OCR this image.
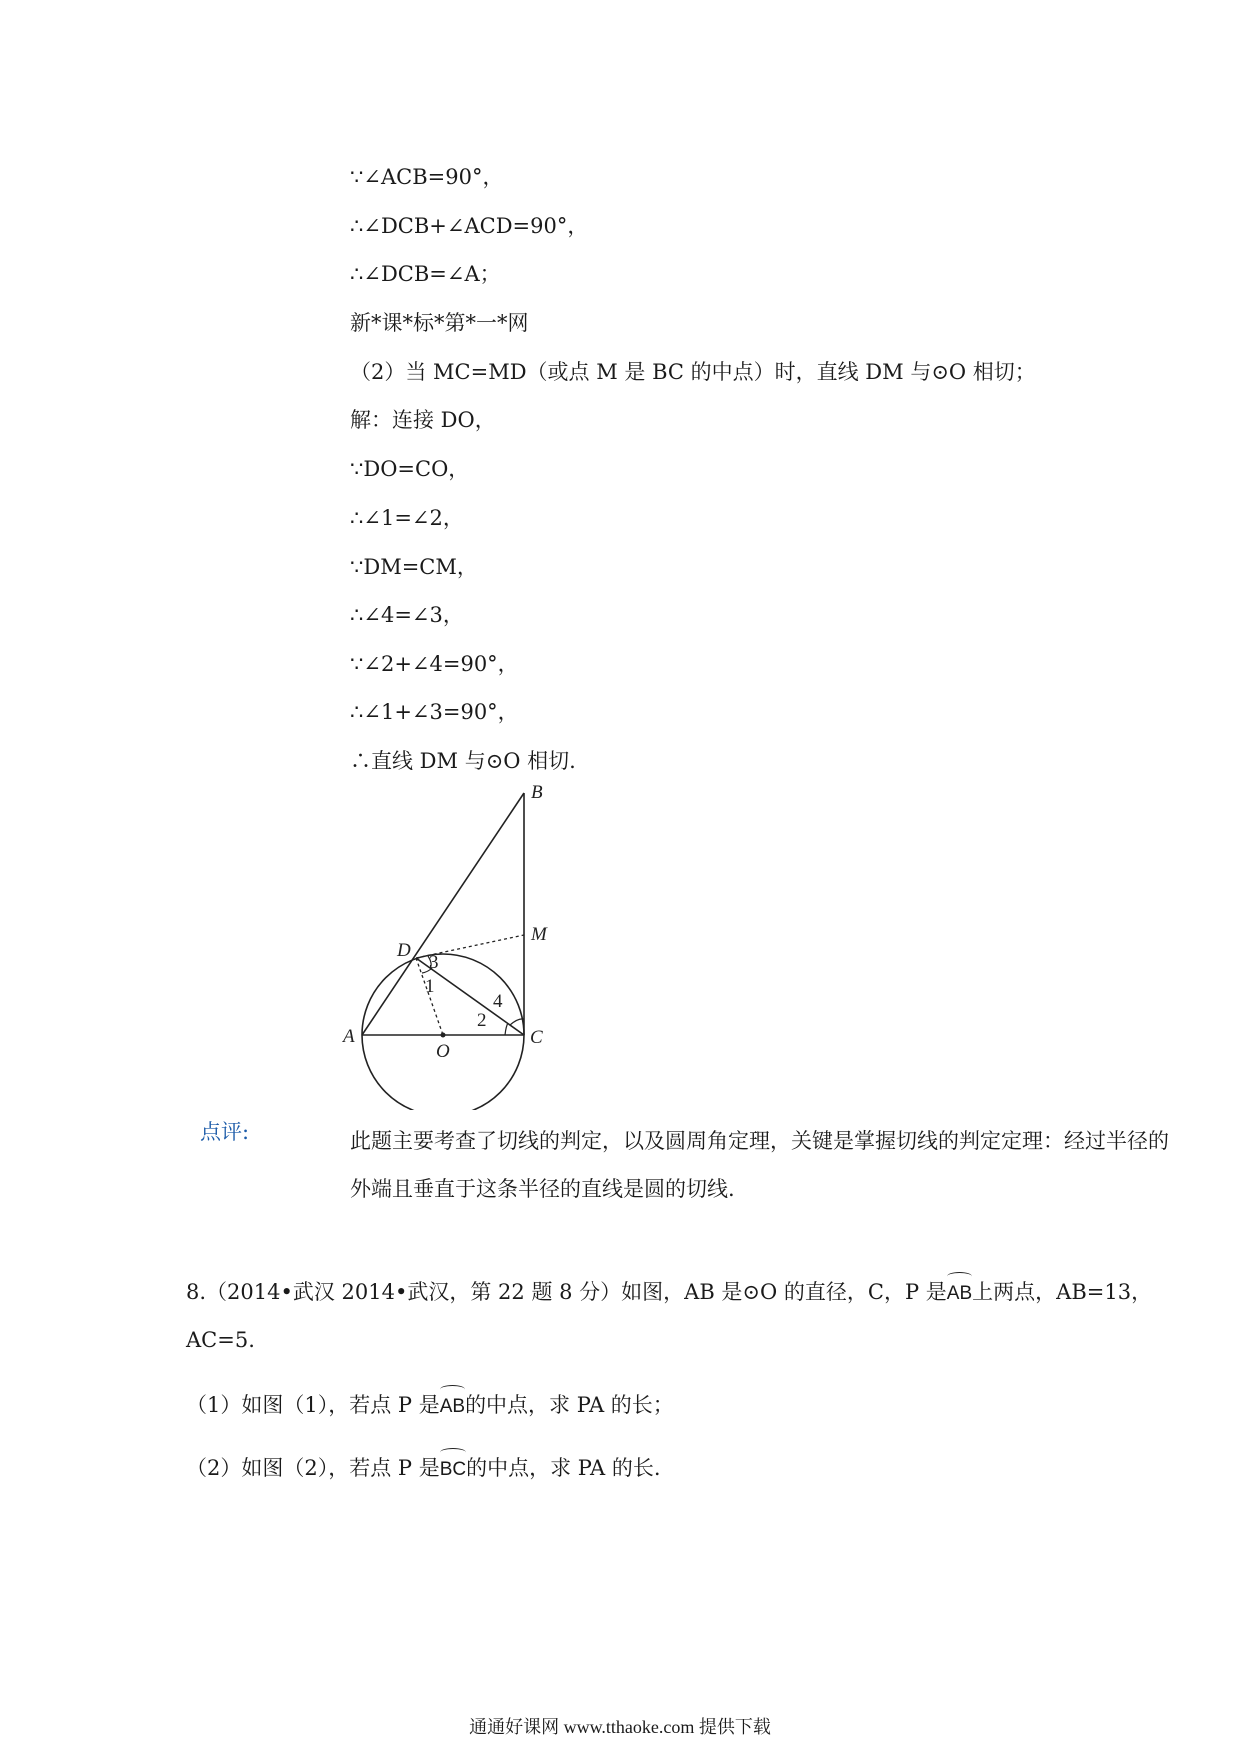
∵∠ACB=90°，
∴∠DCB+∠ACD=90°，
∴∠DCB=∠A；
新*课*标*第*一*网
（2）当 MC=MD（或点 M 是 BC 的中点）时，直线 DM 与⊙O 相切；
解：连接 DO，
∵DO=CO，
∴∠1=∠2，
∵DM=CM，
∴∠4=∠3，
∵∠2+∠4=90°，
∴∠1+∠3=90°，
∴直线 DM 与⊙O 相切.
B
M
D
A
O
C
1
2
3
4
点评:	此题主要考查了切线的判定，以及圆周角定理，关键是掌握切线的判定定理：经过半径的外端且垂直于这条半径的直线是圆的切线.
8.（2014•武汉 2014•武汉，第 22 题 8 分）如图，AB 是⊙O 的直径，C，P 是AB上两点，AB=13，
AC=5.
（1）如图（1），若点 P 是AB的中点，求 PA 的长；
（2）如图（2），若点 P 是BC的中点，求 PA 的长.
通通好课网 www.tthaoke.com 提供下载
